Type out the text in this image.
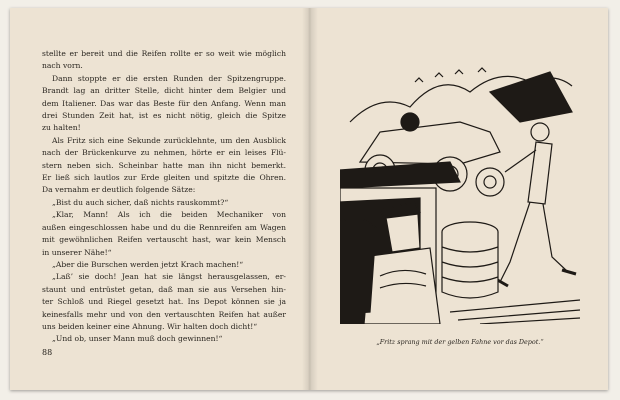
stellte er bereit und die Reifen rollte er so weit wie möglich
nach vorn.

Dann stoppte er die ersten Runden der Spitzengruppe.
Brandt lag an dritter Stelle, dicht hinter dem Belgier und
dem Italiener. Das war das Beste für den Anfang. Wenn man
drei Stunden Zeit hat, ist es nicht nötig, gleich die Spitze
zu halten!

Als Fritz sich eine Sekunde zurücklehnte, um den Ausblick
nach der Brückenkurve zu nehmen, hörte er ein leises Flü-
stern neben sich. Scheinbar hatte man ihn nicht bemerkt.
Er ließ sich lautlos zur Erde gleiten und spitzte die Ohren.
Da vernahm er deutlich folgende Sätze:

„Bist du auch sicher, daß nichts rauskommt?“

„Klar, Mann! Als ich die beiden Mechaniker von
außen eingeschlossen habe und du die Rennreifen am Wagen
mit gewöhnlichen Reifen vertauscht hast, war kein Mensch
in unserer Nähe!“

„Aber die Burschen werden jetzt Krach machen!“

„Laß’ sie doch! Jean hat sie längst herausgelassen, er-
staunt und entrüstet getan, daß man sie aus Versehen hin-
ter Schloß und Riegel gesetzt hat. Ins Depot können sie ja
keinesfalls mehr und von den vertauschten Reifen hat außer
uns beiden keiner eine Ahnung. Wir halten doch dicht!“

„Und ob, unser Mann muß doch gewinnen!“

88
„Fritz sprang mit der gelben Fahne vor das Depot.“
